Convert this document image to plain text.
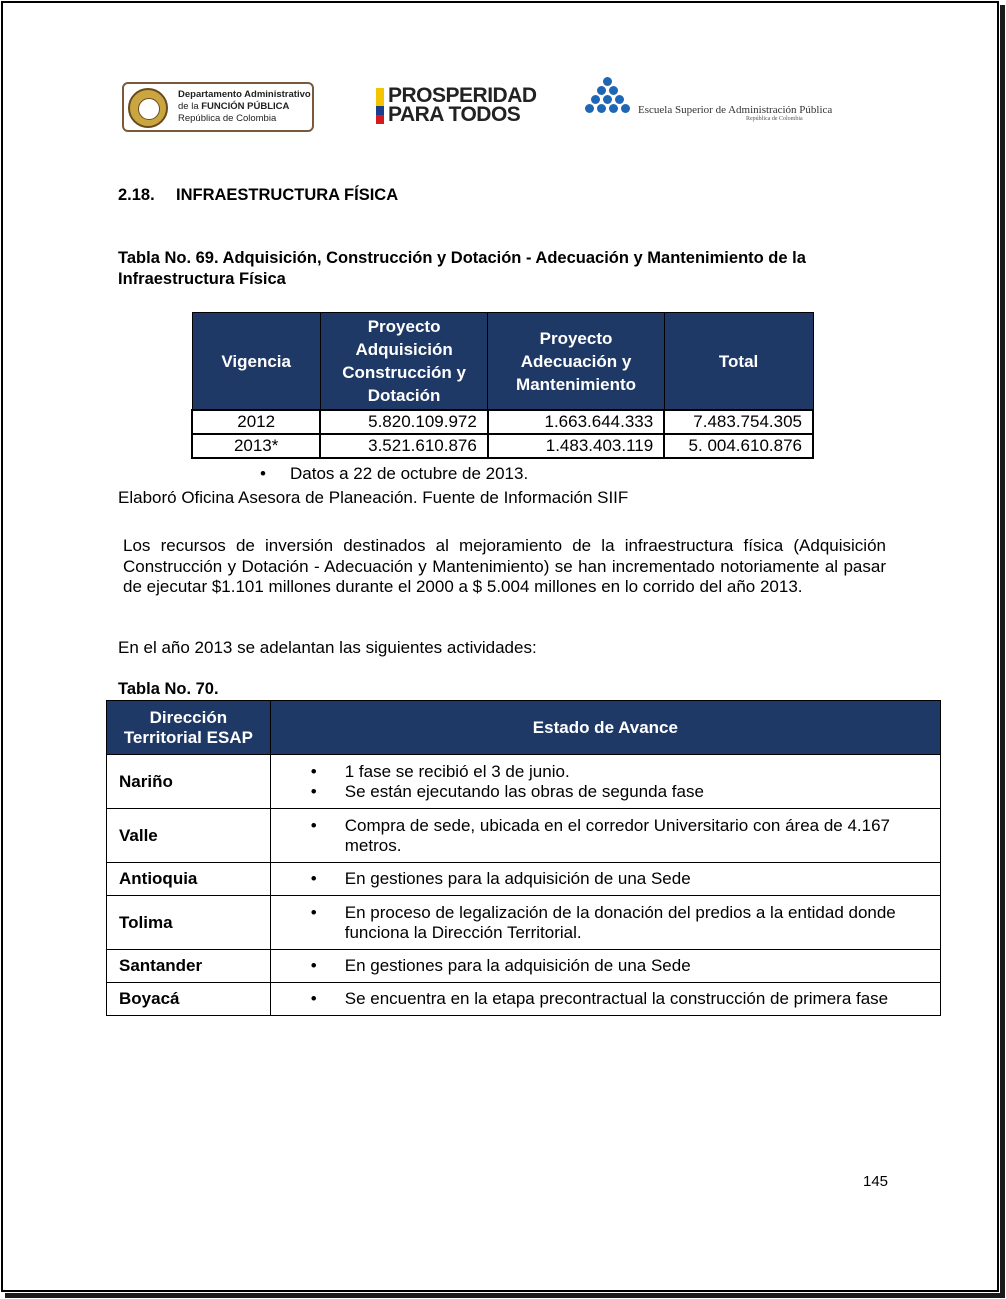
Departamento Administrativo
de la FUNCIÓN PÚBLICA
República de Colombia
PROSPERIDAD
PARA TODOS	Escuela Superior de Administración Pública
República de Colombia
2.18. INFRAESTRUCTURA FÍSICA
Tabla No. 69. Adquisición, Construcción y Dotación - Adecuación y Mantenimiento de la Infraestructura Física
Vigencia	Proyecto Adquisición Construcción y Dotación	Proyecto Adecuación y Mantenimiento	Total
2012	5.820.109.972	1.663.644.333	7.483.754.305
2013*	3.521.610.876	1.483.403.119	5. 004.610.876
• Datos a 22 de octubre de 2013.
Elaboró Oficina Asesora de Planeación. Fuente de Información SIIF
Los recursos de inversión destinados al mejoramiento de la infraestructura física (Adquisición Construcción y Dotación - Adecuación y Mantenimiento) se han incrementado notoriamente al pasar de ejecutar $1.101 millones durante el 2000 a $ 5.004 millones en lo corrido del año 2013.
En el año 2013 se adelantan las siguientes actividades:
Tabla No. 70.
Dirección Territorial ESAP	Estado de Avance
Nariño	• 1 fase se recibió el 3 de junio.
• Se están ejecutando las obras de segunda fase

Valle	• Compra de sede, ubicada en el corredor Universitario con área de 4.167 metros.

Antioquia	• En gestiones para la adquisición de una Sede

Tolima	• En proceso de legalización de la donación del predios a la entidad donde funciona la Dirección Territorial.

Santander	• En gestiones para la adquisición de una Sede

Boyacá	• Se encuentra en la etapa precontractual la construcción de primera fase
145
